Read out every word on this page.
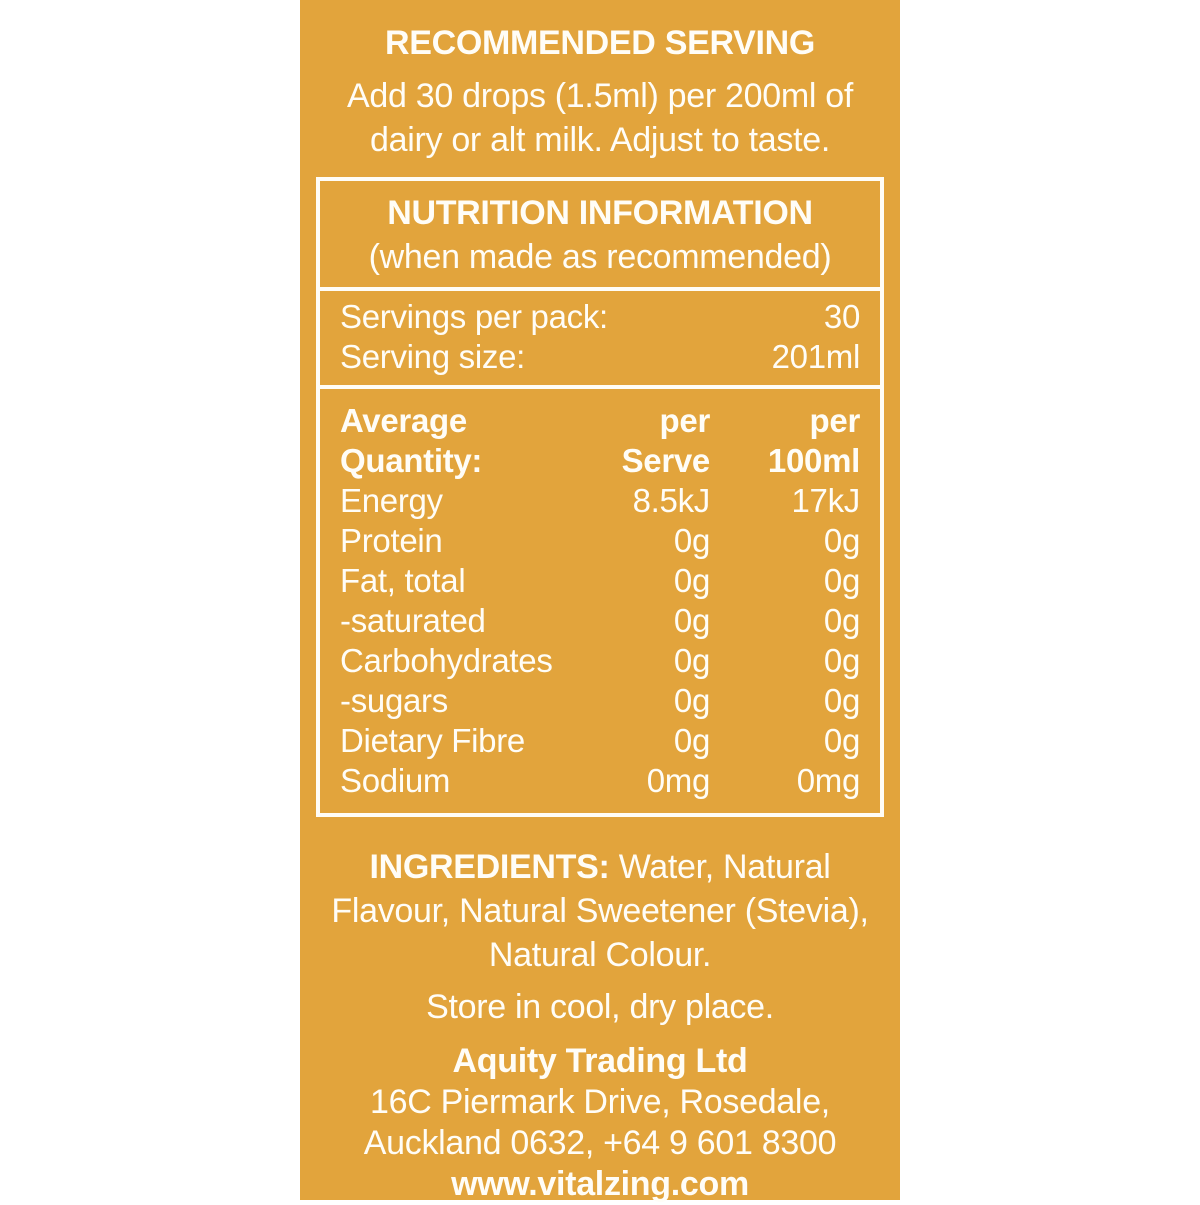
RECOMMENDED SERVING

Add 30 drops (1.5ml) per 200ml of
dairy or alt milk. Adjust to taste.

NUTRITION INFORMATION

(when made as recommended)

Servings per pack:	30
Serving size:	201ml
Average	per	per
Quantity:	Serve	100ml
Energy	8.5kJ	17kJ
Protein	0g	0g
Fat, total	0g	0g
-saturated	0g	0g
Carbohydrates	0g	0g
-sugars	0g	0g
Dietary Fibre	0g	0g
Sodium	0mg	0mg

INGREDIENTS: Water, Natural Flavour, Natural Sweetener (Stevia), Natural Colour.

Store in cool, dry place.

Aquity Trading Ltd

16C Piermark Drive, Rosedale,

Auckland 0632, +64 9 601 8300

www.vitalzing.com
